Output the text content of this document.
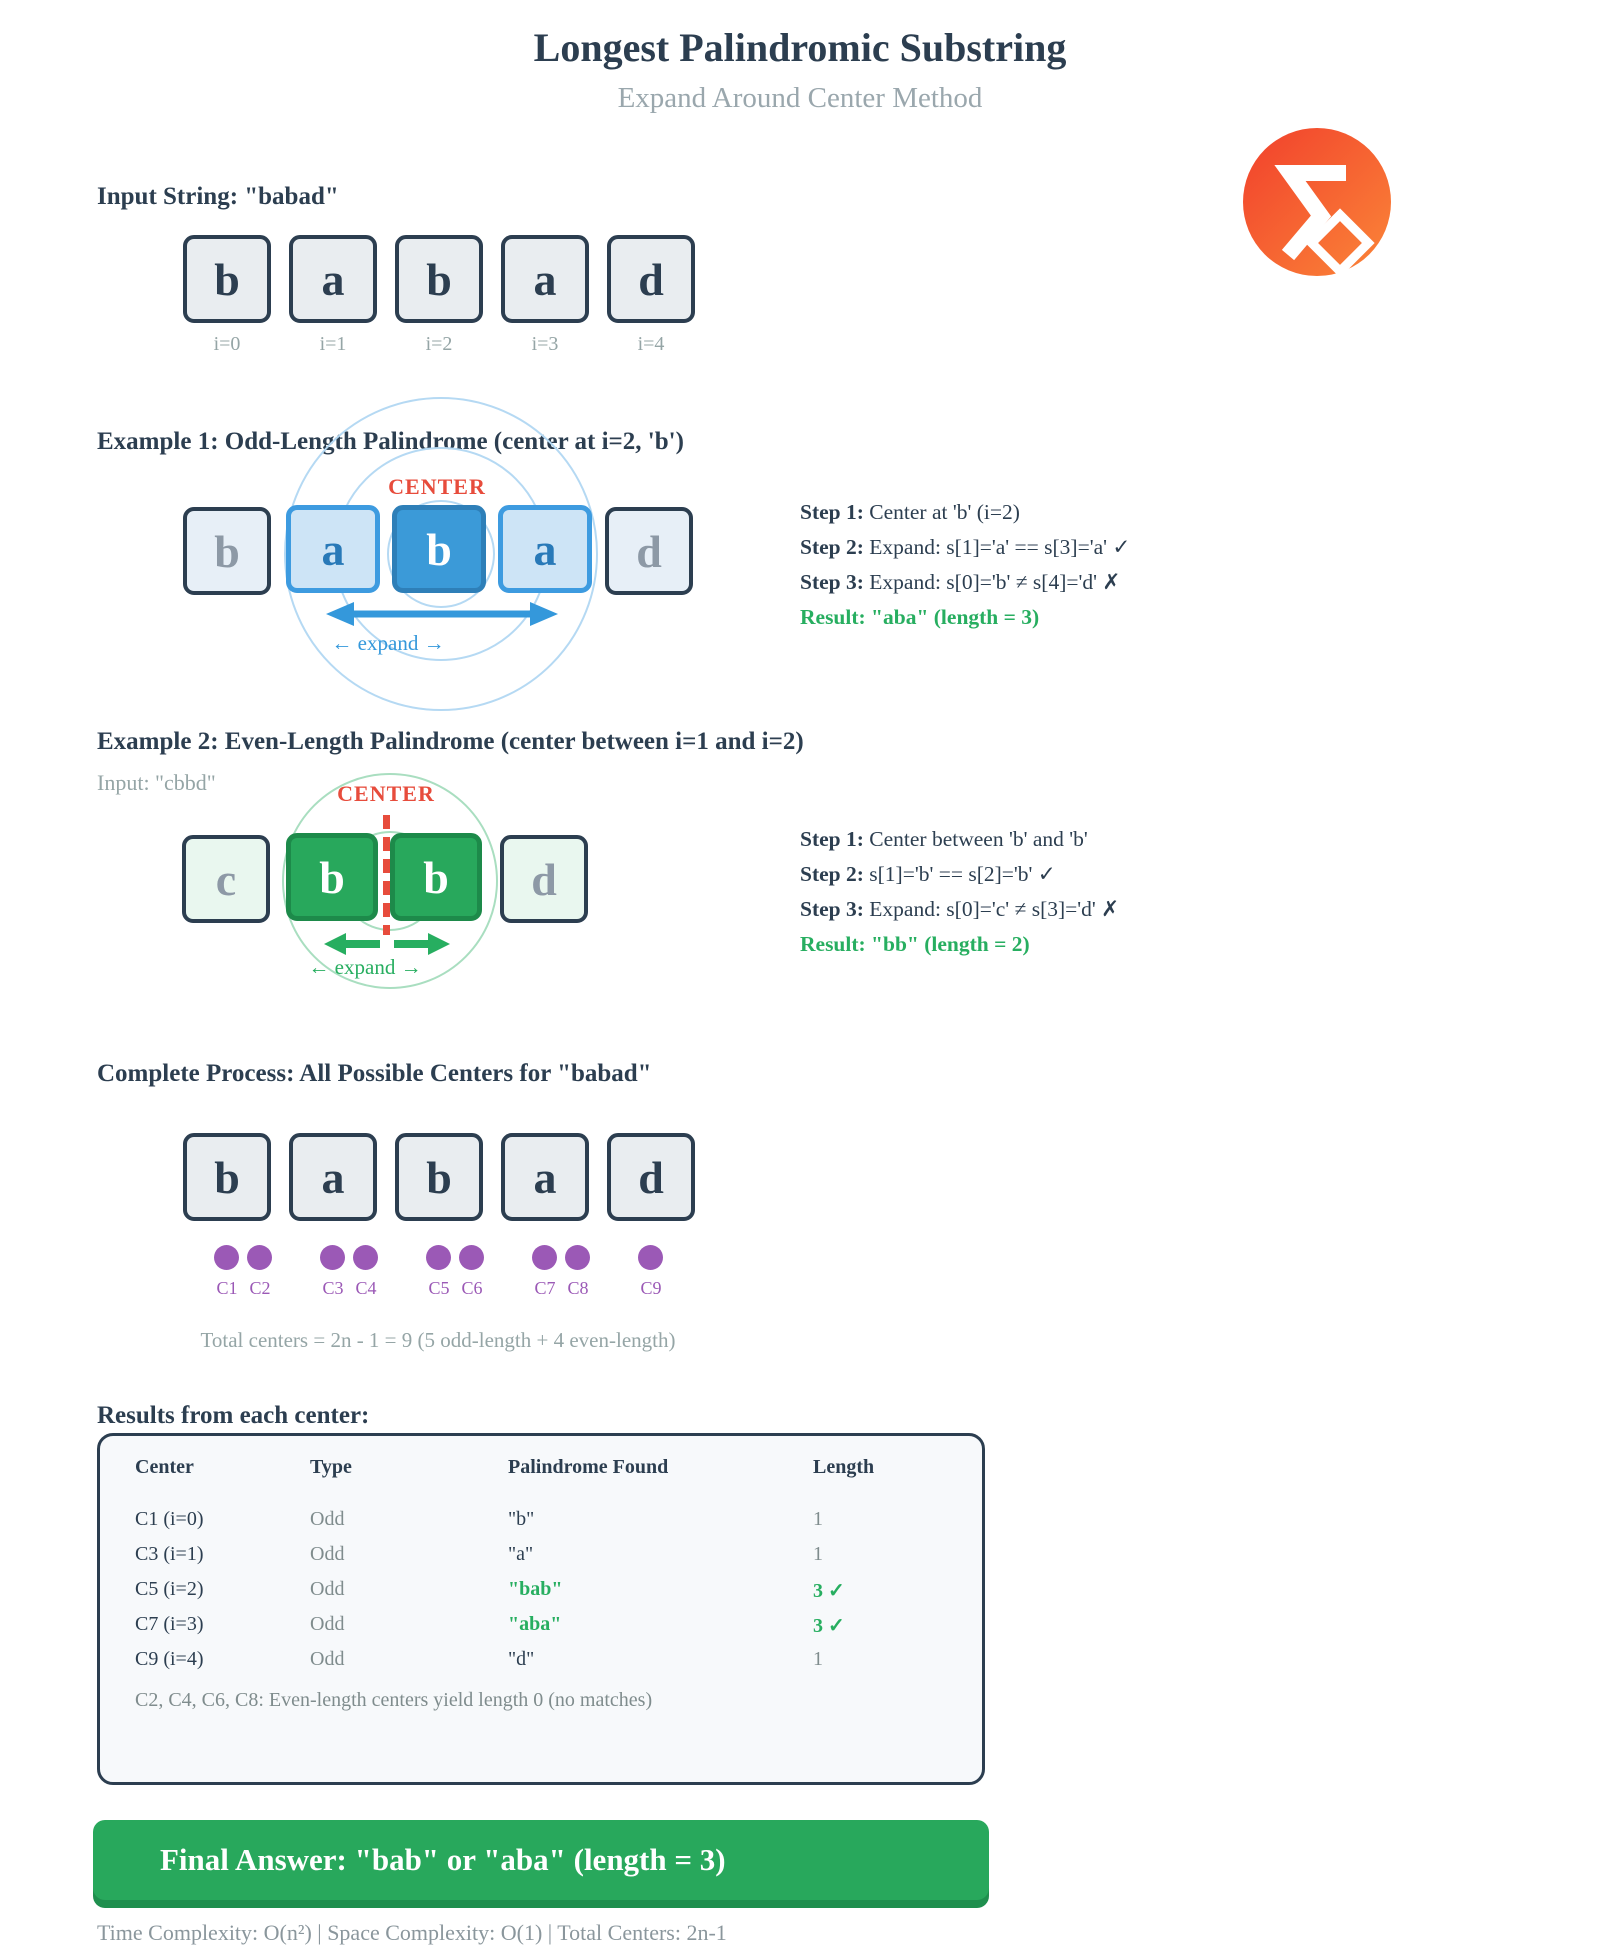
Longest Palindromic Substring
Expand Around Center Method
Input String: "babad"
b	a	b	a	d
i=0	i=1	i=2	i=3	i=4
Example 1: Odd-Length Palindrome (center at i=2, 'b')
CENTER
b	a	b	a	d
← expand →
Step 1: Center at 'b' (i=2)
Step 2: Expand: s[1]='a' == s[3]='a' ✓
Step 3: Expand: s[0]='b' ≠ s[4]='d' ✗
Result: "aba" (length = 3)
Example 2: Even-Length Palindrome (center between i=1 and i=2)
Input: "cbbd"	CENTER
c	b	b	d
← expand →
Step 1: Center between 'b' and 'b'
Step 2: s[1]='b' == s[2]='b' ✓
Step 3: Expand: s[0]='c' ≠ s[3]='d' ✗
Result: "bb" (length = 2)
Complete Process: All Possible Centers for "babad"
b	a	b	a	d
C1 C2	C3 C4	C5 C6	C7 C8	C9
Total centers = 2n - 1 = 9 (5 odd-length + 4 even-length)
Results from each center:
Center	Type	Palindrome Found	Length
C1 (i=0)	Odd	"b"	1
C3 (i=1)	Odd	"a"	1
C5 (i=2)	Odd	"bab"	3 ✓
C7 (i=3)	Odd	"aba"	3 ✓
C9 (i=4)	Odd	"d"	1
C2, C4, C6, C8: Even-length centers yield length 0 (no matches)
Final Answer: "bab" or "aba" (length = 3)
Time Complexity: O(n²) | Space Complexity: O(1) | Total Centers: 2n-1
